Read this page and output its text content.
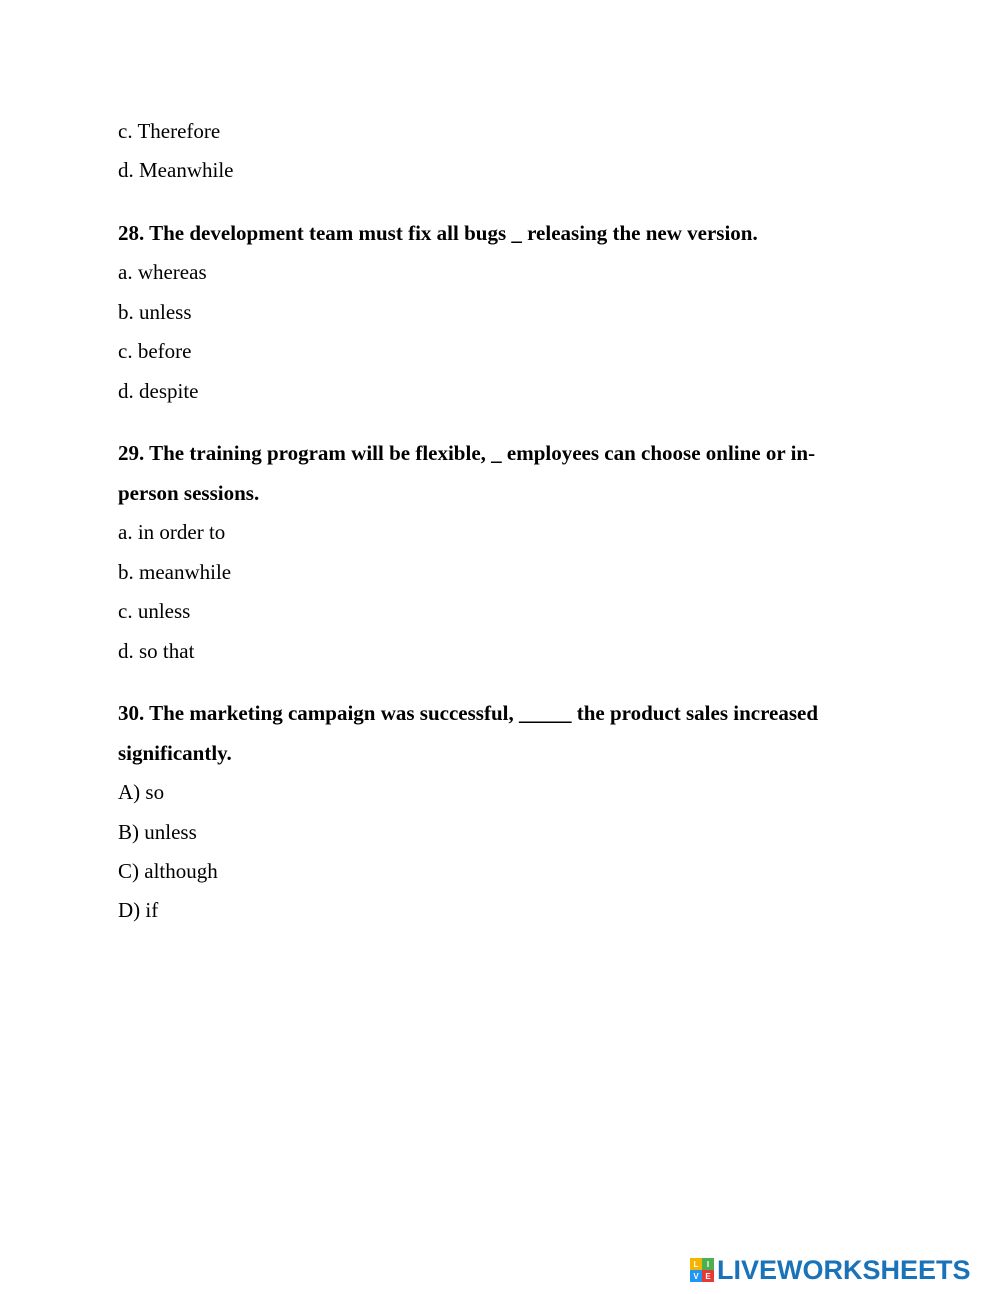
c. Therefore
d. Meanwhile
28. The development team must fix all bugs _ releasing the new version.
a. whereas
b. unless
c. before
d. despite
29. The training program will be flexible, _ employees can choose online or in-
person sessions.
a. in order to
b. meanwhile
c. unless
d. so that
30. The marketing campaign was successful, _____ the product sales increased
significantly.
A) so
B) unless
C) although
D) if
L	I
V E LIVEWORKSHEETS
